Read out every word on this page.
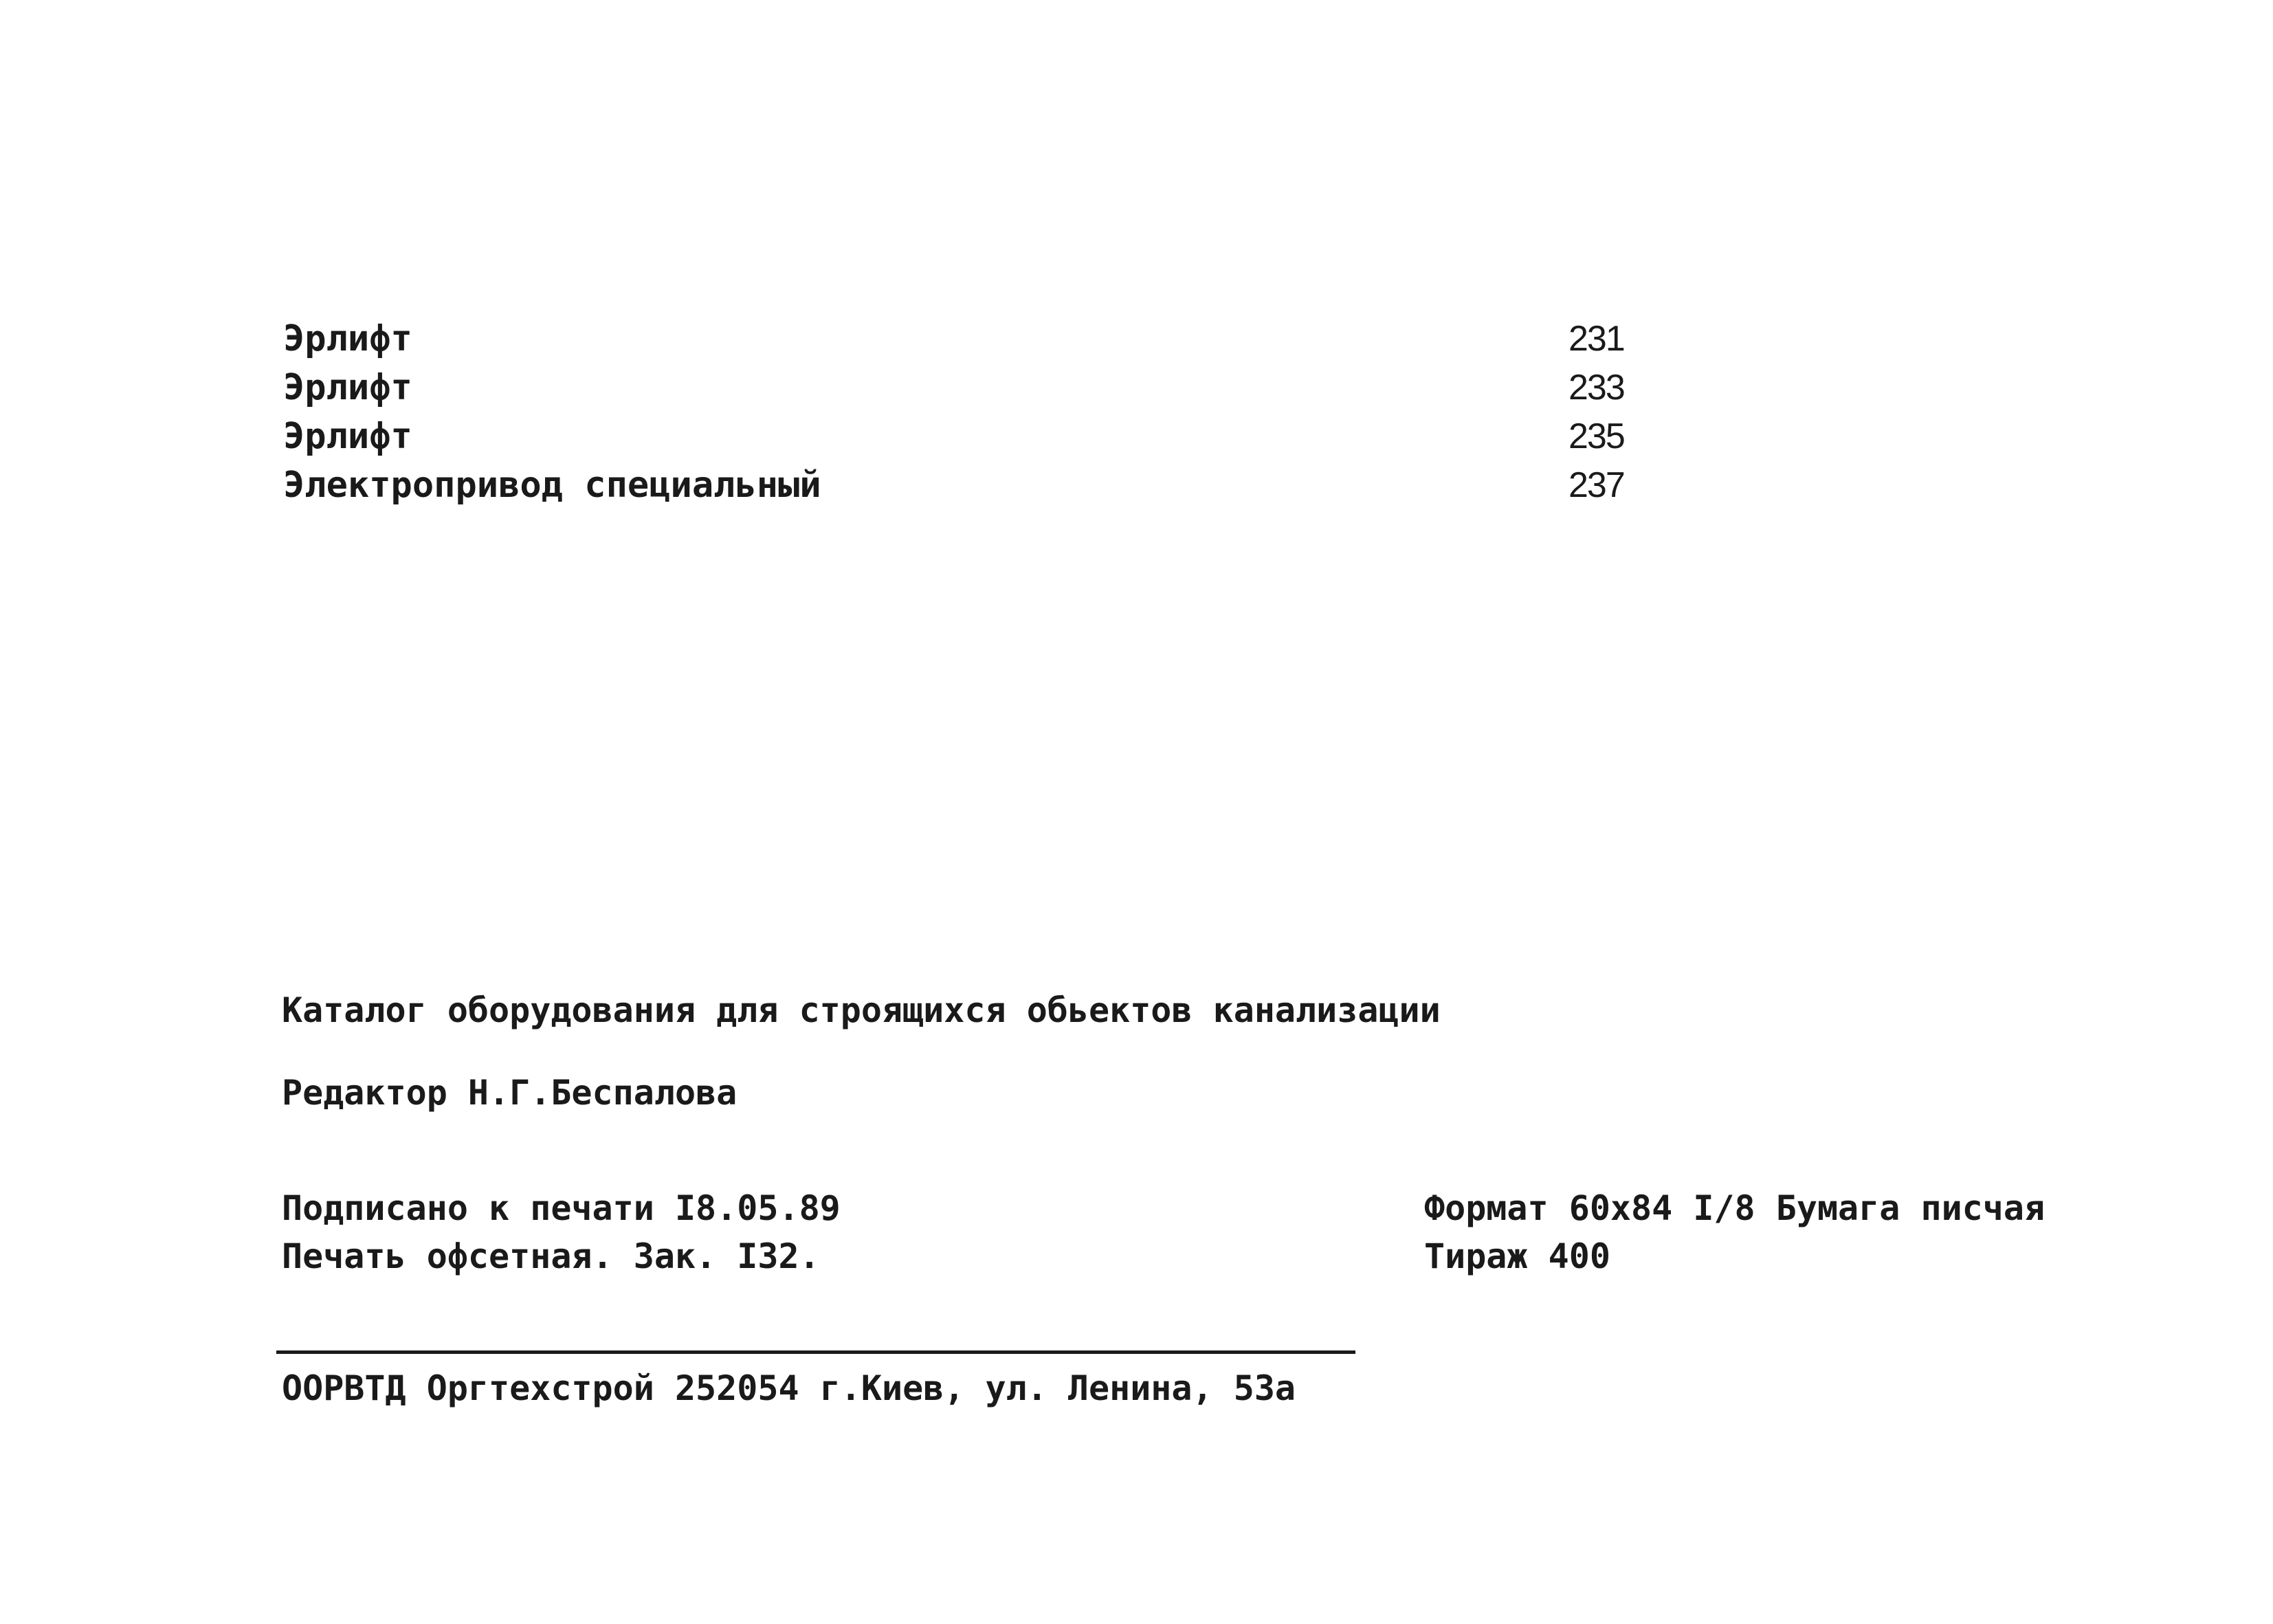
Эрлифт	231
Эрлифт	233
Эрлифт	235
Электропривод специальный	237
Каталог оборудования для строящихся обьектов канализации
Редактор Н.Г.Беспалова
Подписано к печати I8.05.89
Печать офсетная. Зак. I32.
Формат 60х84 I/8 Бумага писчая
Тираж 400
ООРВТД Оргтехстрой 252054 г.Киев, ул. Ленина, 53а
